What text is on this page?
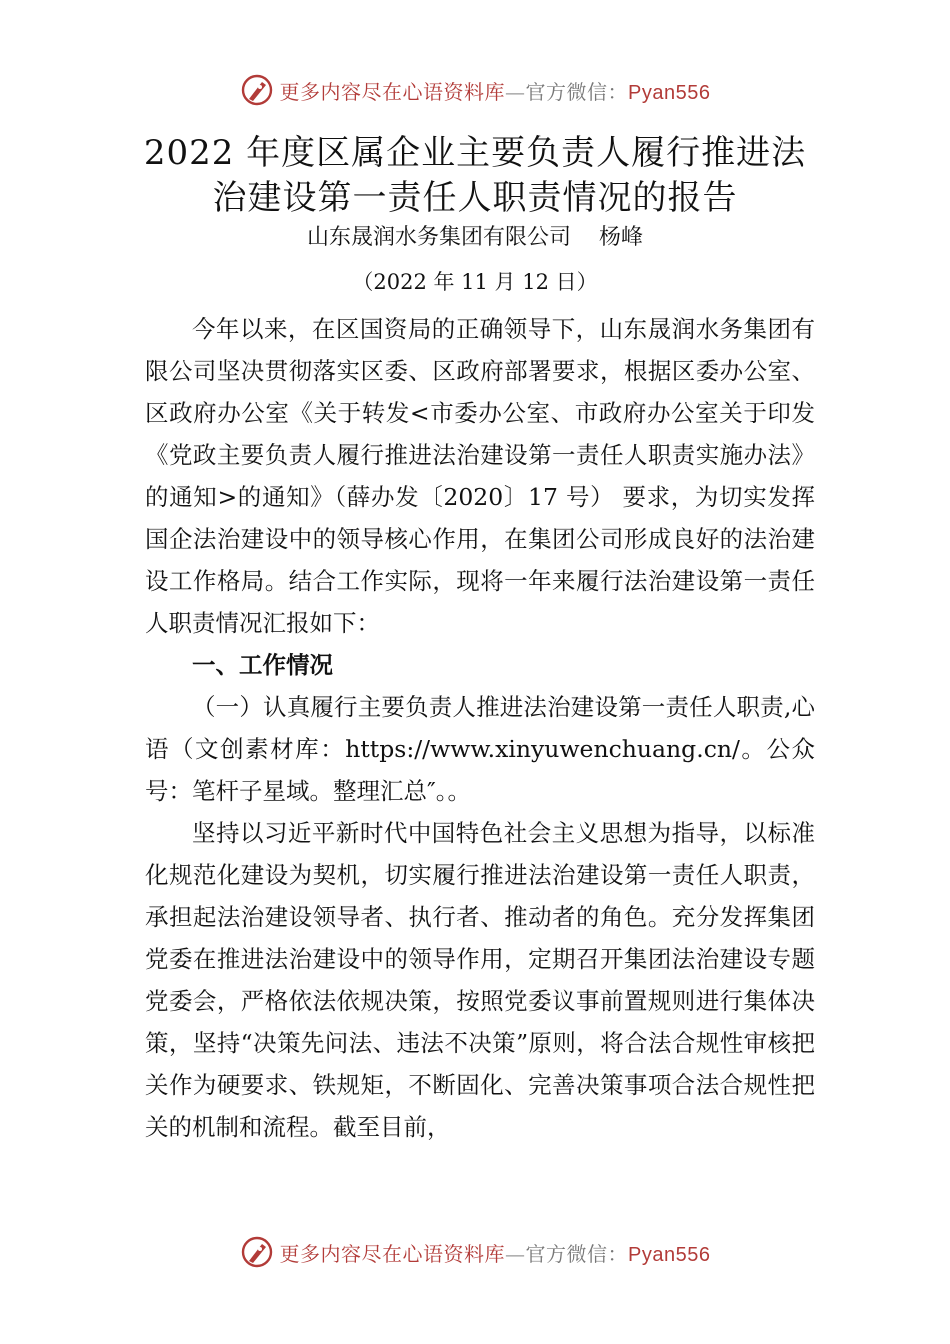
更多内容尽在心语资料库—官方微信：Pyan556
2022 年度区属企业主要负责人履行推进法
治建设第一责任人职责情况的报告
山东晟润水务集团有限公司 杨峰
（2022 年 11 月 12 日）

今年以来，在区国资局的正确领导下，山东晟润水务集团有限公司坚决贯彻落实区委、区政府部署要求，根据区委办公室、区政府办公室《关于转发<市委办公室、市政府办公室关于印发《党政主要负责人履行推进法治建设第一责任人职责实施办法》的通知>的通知》（薛办发〔2020〕17 号） 要求，为切实发挥国企法治建设中的领导核心作用，在集团公司形成良好的法治建设工作格局。结合工作实际，现将一年来履行法治建设第一责任人职责情况汇报如下：

一、工作情况

（一）认真履行主要负责人推进法治建设第一责任人职责,心语（文创素材库：https://www.xinyuwenchuang.cn/。公众号：笔杆子星域。整理汇总″。。

坚持以习近平新时代中国特色社会主义思想为指导，以标准化规范化建设为契机，切实履行推进法治建设第一责任人职责，承担起法治建设领导者、执行者、推动者的角色。充分发挥集团党委在推进法治建设中的领导作用，定期召开集团法治建设专题党委会，严格依法依规决策，按照党委议事前置规则进行集体决策，坚持“决策先问法、违法不决策”原则，将合法合规性审核把关作为硬要求、铁规矩，不断固化、完善决策事项合法合规性把关的机制和流程。截至目前，

更多内容尽在心语资料库—官方微信：Pyan556
